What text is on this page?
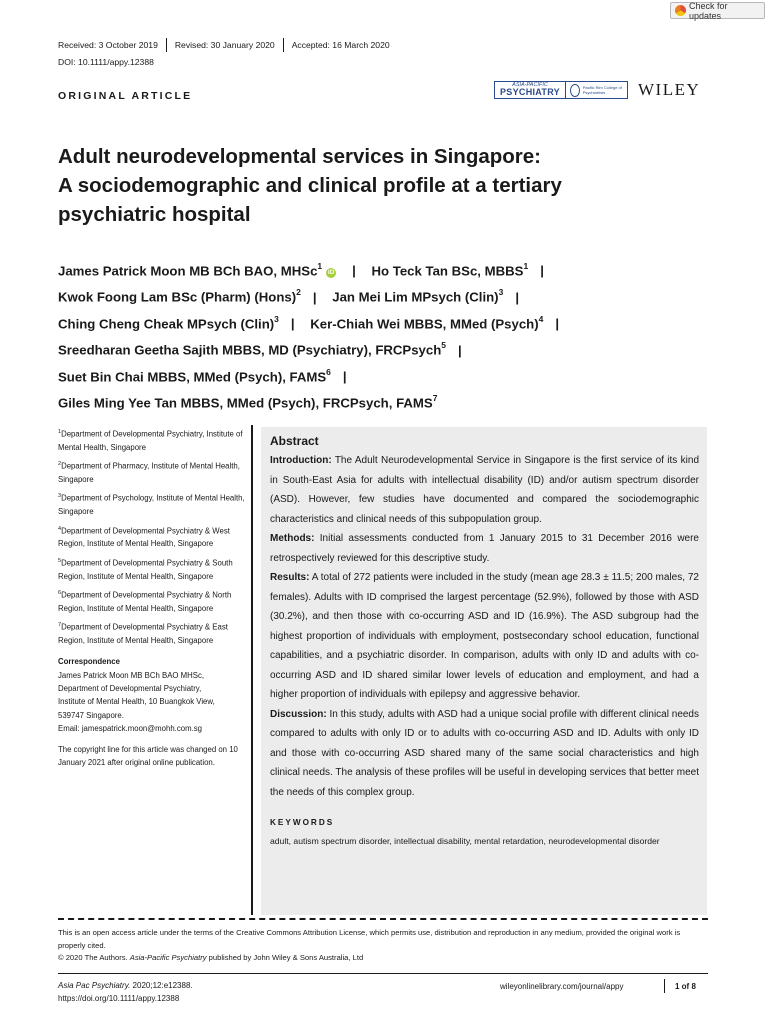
Check for updates
Received: 3 October 2019	Revised: 30 January 2020	Accepted: 16 March 2020
DOI: 10.1111/appy.12388
ORIGINAL ARTICLE
ASIA-PACIFIC
PSYCHIATRY	Pacific Rim College of Psychiatrists	WILEY
Adult neurodevelopmental services in Singapore:
A sociodemographic and clinical profile at a tertiary
psychiatric hospital
James Patrick Moon MB BCh BAO, MHSc$^1$iD | Ho Teck Tan BSc, MBBS$^1$ |
Kwok Foong Lam BSc (Pharm) (Hons)$^2$ | Jan Mei Lim MPsych (Clin)$^3$ |
Ching Cheng Cheak MPsych (Clin)$^3$ | Ker-Chiah Wei MBBS, MMed (Psych)$^4$ |
Sreedharan Geetha Sajith MBBS, MD (Psychiatry), FRCPsych$^5$ |
Suet Bin Chai MBBS, MMed (Psych), FAMS$^6$ |
Giles Ming Yee Tan MBBS, MMed (Psych), FRCPsych, FAMS$^7$
$^1$Department of Developmental Psychiatry, Institute of Mental Health, Singapore
$^2$Department of Pharmacy, Institute of Mental Health, Singapore
$^3$Department of Psychology, Institute of Mental Health, Singapore
$^4$Department of Developmental Psychiatry & West Region, Institute of Mental Health, Singapore
$^5$Department of Developmental Psychiatry & South Region, Institute of Mental Health, Singapore
$^6$Department of Developmental Psychiatry & North Region, Institute of Mental Health, Singapore
$^7$Department of Developmental Psychiatry & East Region, Institute of Mental Health, Singapore
Correspondence
James Patrick Moon MB BCh BAO MHSc,
Department of Developmental Psychiatry,
Institute of Mental Health, 10 Buangkok View,
539747 Singapore.
Email: jamespatrick.moon@mohh.com.sg
The copyright line for this article was changed on 10 January 2021 after original online publication.
Abstract

Introduction: The Adult Neurodevelopmental Service in Singapore is the first service of its kind in South-East Asia for adults with intellectual disability (ID) and/or autism spectrum disorder (ASD). However, few studies have documented and compared the sociodemographic characteristics and clinical needs of this subpopulation group.

Methods: Initial assessments conducted from 1 January 2015 to 31 December 2016 were retrospectively reviewed for this descriptive study.

Results: A total of 272 patients were included in the study (mean age 28.3 ± 11.5; 200 males, 72 females). Adults with ID comprised the largest percentage (52.9%), followed by those with ASD (30.2%), and then those with co-occurring ASD and ID (16.9%). The ASD subgroup had the highest proportion of individuals with employment, postsecondary school education, functional capabilities, and a psychiatric disorder. In comparison, adults with only ID and adults with co-occurring ASD and ID shared similar lower levels of education and employment, and had a higher proportion of individuals with epilepsy and aggressive behavior.

Discussion: In this study, adults with ASD had a unique social profile with different clinical needs compared to adults with only ID or to adults with co-occurring ASD and ID. Adults with only ID and those with co-occurring ASD shared many of the same social characteristics and high clinical needs. The analysis of these profiles will be useful in developing services that better meet the needs of this complex group.

KEYWORDS
adult, autism spectrum disorder, intellectual disability, mental retardation, neurodevelopmental disorder
This is an open access article under the terms of the Creative Commons Attribution License, which permits use, distribution and reproduction in any medium, provided the original work is properly cited.
© 2020 The Authors. Asia-Pacific Psychiatry published by John Wiley & Sons Australia, Ltd
Asia Pac Psychiatry. 2020;12:e12388.
https://doi.org/10.1111/appy.12388
wileyonlinelibrary.com/journal/appy	1 of 8
